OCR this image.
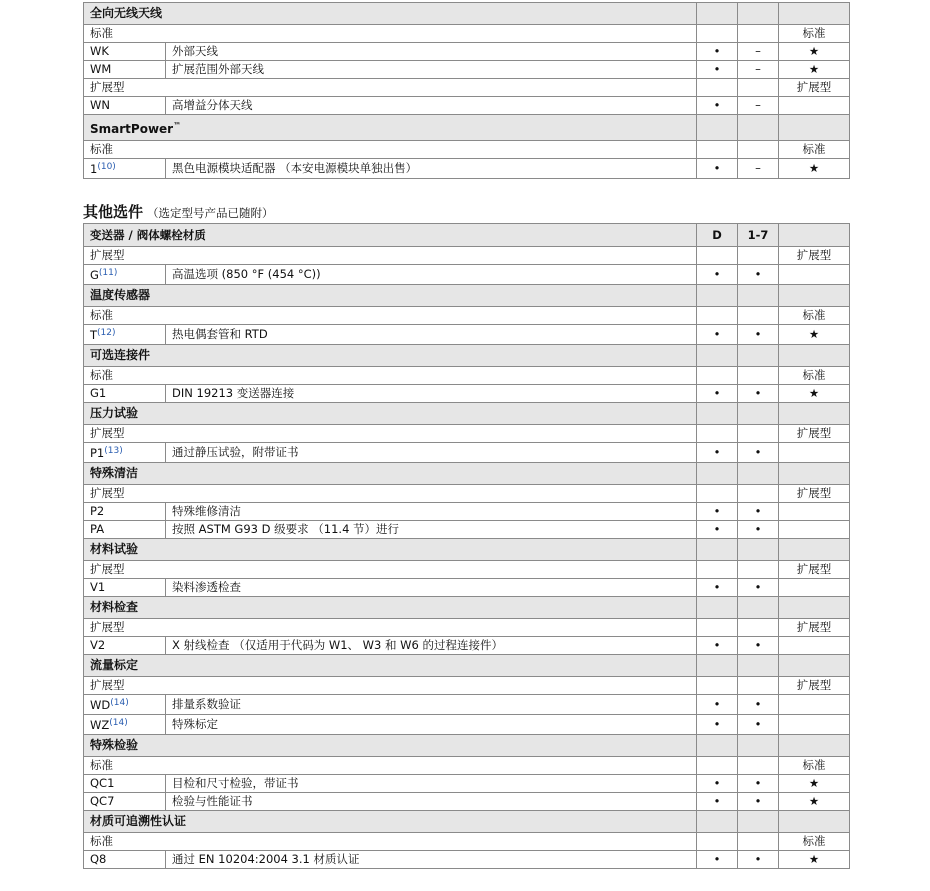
全向无线天线				
标准				标准
WK	外部天线	•	–	★
WM	扩展范围外部天线	•	–	★
扩展型				扩展型
WN	高增益分体天线	•	–	
SmartPower™			
标准				标准
1$^{(10)}$	黑色电源模块适配器 （本安电源模块单独出售）	•	–	★
其他选件 （选定型号产品已随附）
变送器 / 阀体螺栓材质		D	1-7	
扩展型				扩展型
G$^{(11)}$	高温选项 (850 °F (454 °C))	•	•	
温度传感器				
标准				标准
T$^{(12)}$	热电偶套管和 RTD	•	•	★
可选连接件				
标准				标准
G1	DIN 19213 变送器连接	•	•	★
压力试验				
扩展型				扩展型
P1$^{(13)}$	通过静压试验，附带证书	•	•	
特殊清洁				
扩展型				扩展型
P2	特殊维修清洁	•	•	
PA	按照 ASTM G93 D 级要求 （11.4 节）进行	•	•	
材料试验				
扩展型				扩展型
V1	染料渗透检查	•	•	
材料检查				
扩展型				扩展型
V2	X 射线检查 （仅适用于代码为 W1、 W3 和 W6 的过程连接件）	•	•	
流量标定				
扩展型				扩展型
WD$^{(14)}$	排量系数验证	•	•	
WZ$^{(14)}$	特殊标定	•	•	
特殊检验				
标准				标准
QC1	目检和尺寸检验，带证书	•	•	★
QC7	检验与性能证书	•	•	★
材质可追溯性认证				
标准				标准
Q8	通过 EN 10204:2004 3.1 材质认证	•	•	★
